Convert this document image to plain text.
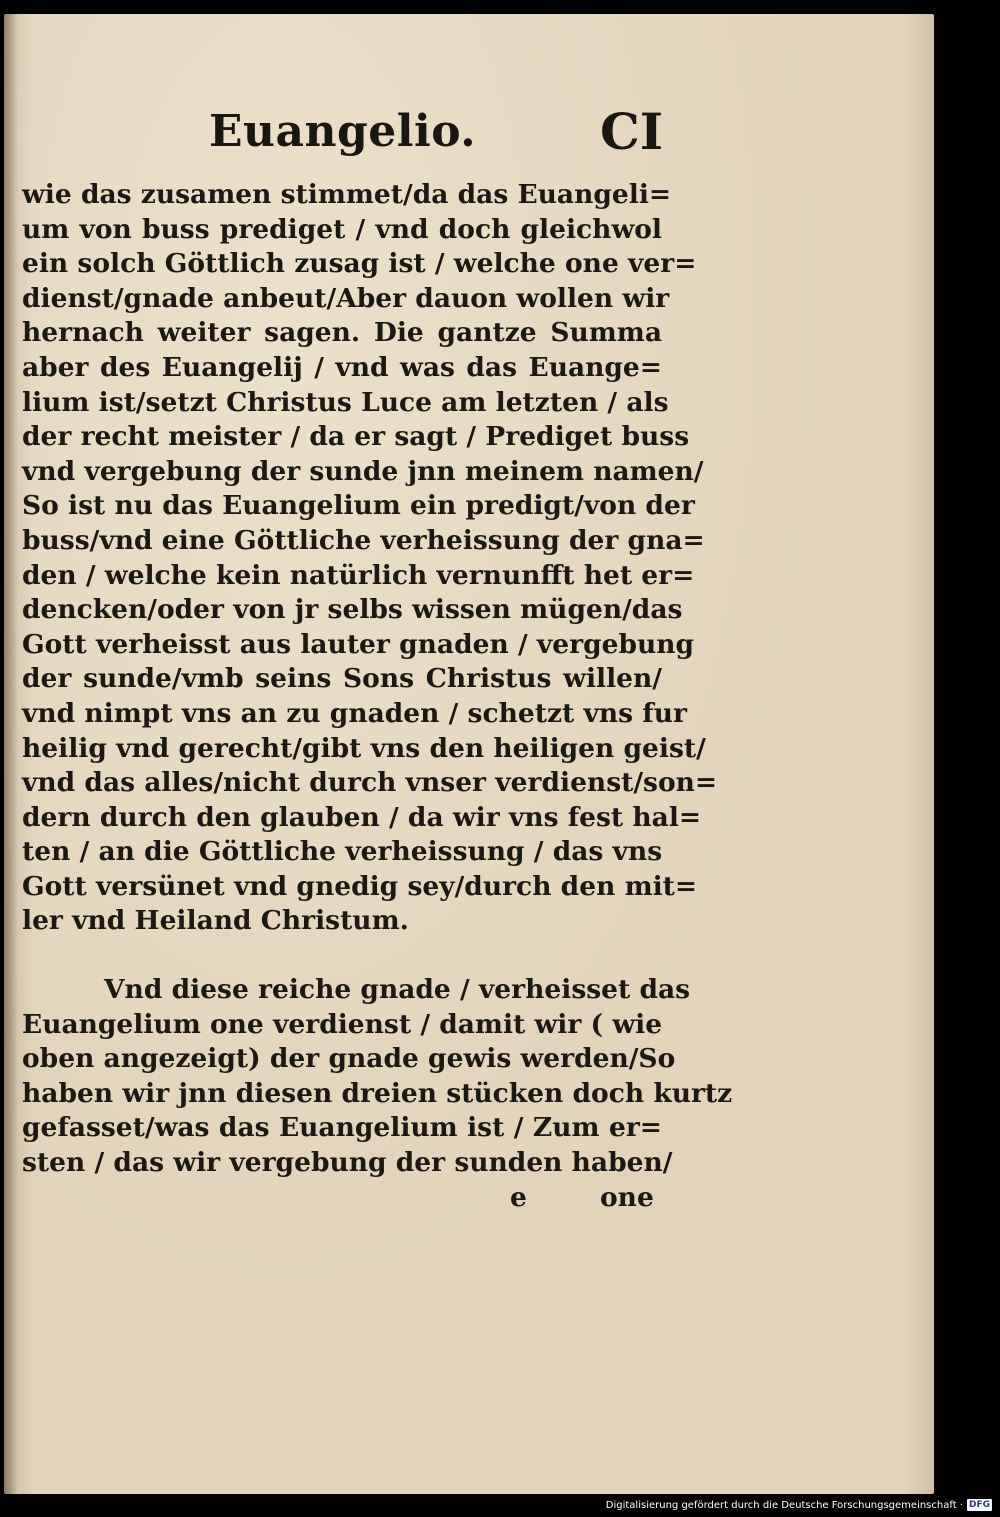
Euangelio. CI
wie das zusamen stimmet/da das Euangeli=
um von buss prediget / vnd doch gleichwol
ein solch Göttlich zusag ist / welche one ver=
dienst/gnade anbeut/Aber dauon wollen wir
hernach weiter sagen. Die gantze Summa
aber des Euangelij / vnd was das Euange=
lium ist/setzt Christus Luce am letzten / als
der recht meister / da er sagt / Prediget buss
vnd vergebung der sunde jnn meinem namen/
So ist nu das Euangelium ein predigt/von der
buss/vnd eine Göttliche verheissung der gna=
den / welche kein natürlich vernunfft het er=
dencken/oder von jr selbs wissen mügen/das
Gott verheisst aus lauter gnaden / vergebung
der sunde/vmb seins Sons Christus willen/
vnd nimpt vns an zu gnaden / schetzt vns fur
heilig vnd gerecht/gibt vns den heiligen geist/
vnd das alles/nicht durch vnser verdienst/son=
dern durch den glauben / da wir vns fest hal=
ten / an die Göttliche verheissung / das vns
Gott versünet vnd gnedig sey/durch den mit=
ler vnd Heiland Christum.
Vnd diese reiche gnade / verheisset das
Euangelium one verdienst / damit wir ( wie
oben angezeigt) der gnade gewis werden/So
haben wir jnn diesen dreien stücken doch kurtz
gefasset/was das Euangelium ist / Zum er=
sten / das wir vergebung der sunden haben/
e	one
Digitalisierung gefördert durch die Deutsche Forschungsgemeinschaft · DFG
